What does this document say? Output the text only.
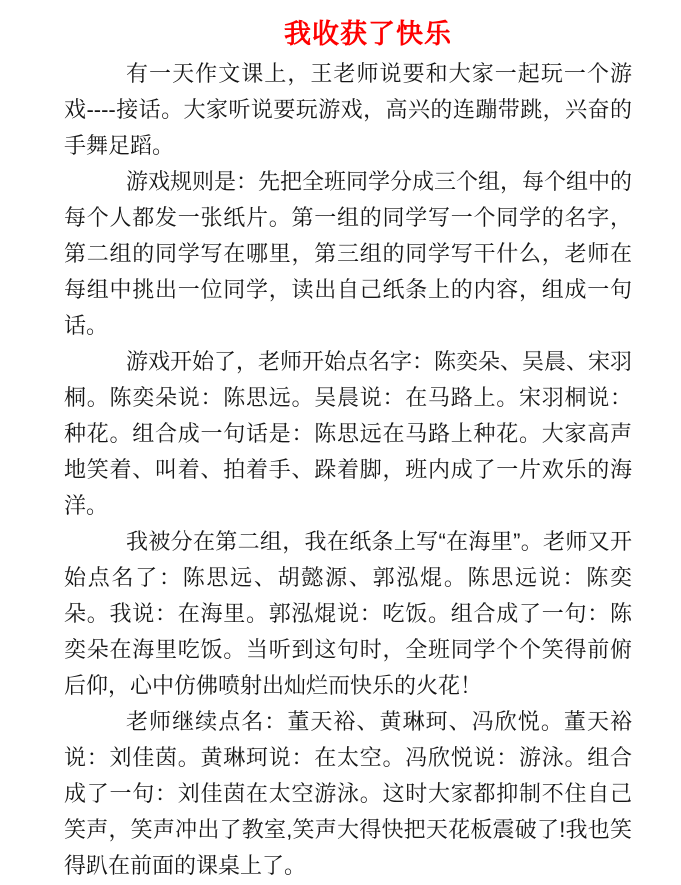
我收获了快乐

有一天作文课上，王老师说要和大家一起玩一个游戏----接话。大家听说要玩游戏，高兴的连蹦带跳，兴奋的手舞足蹈。

游戏规则是：先把全班同学分成三个组，每个组中的每个人都发一张纸片。第一组的同学写一个同学的名字，第二组的同学写在哪里，第三组的同学写干什么，老师在每组中挑出一位同学，读出自己纸条上的内容，组成一句话。

游戏开始了，老师开始点名字：陈奕朵、吴晨、宋羽桐。陈奕朵说：陈思远。吴晨说：在马路上。宋羽桐说：种花。组合成一句话是：陈思远在马路上种花。大家高声地笑着、叫着、拍着手、跺着脚，班内成了一片欢乐的海洋。

我被分在第二组，我在纸条上写“在海里”。老师又开始点名了：陈思远、胡懿源、郭泓焜。陈思远说：陈奕朵。我说：在海里。郭泓焜说：吃饭。组合成了一句：陈奕朵在海里吃饭。当听到这句时，全班同学个个笑得前俯后仰，心中仿佛喷射出灿烂而快乐的火花！

老师继续点名：董天裕、黄琳珂、冯欣悦。董天裕说：刘佳茵。黄琳珂说：在太空。冯欣悦说：游泳。组合成了一句：刘佳茵在太空游泳。这时大家都抑制不住自己笑声，笑声冲出了教室,笑声大得快把天花板震破了!我也笑得趴在前面的课桌上了。
